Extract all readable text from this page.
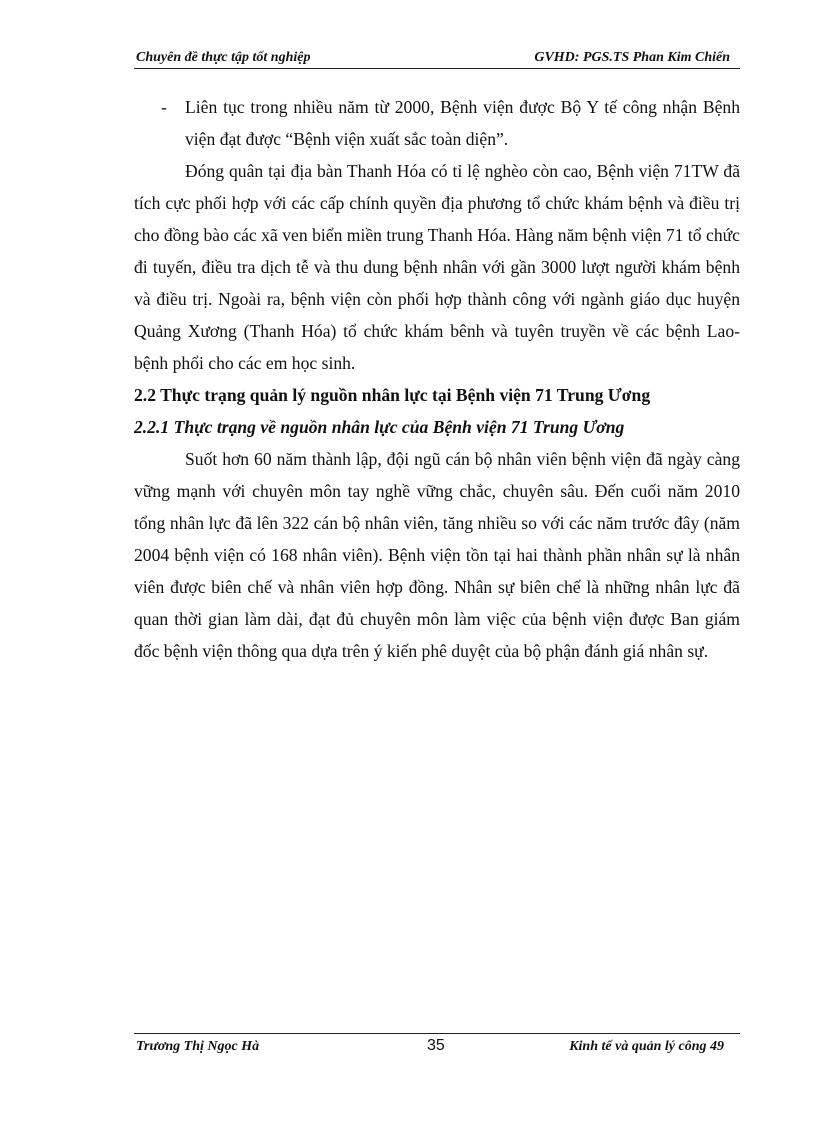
Chuyên đề thực tập tốt nghiệp	GVHD: PGS.TS Phan Kim Chiến

- Liên tục trong nhiều năm từ 2000, Bệnh viện được Bộ Y tế công nhận Bệnh viện đạt được “Bệnh viện xuất sắc toàn diện”.

Đóng quân tại địa bàn Thanh Hóa có tỉ lệ nghèo còn cao, Bệnh viện 71TW đã tích cực phối hợp với các cấp chính quyền địa phương tổ chức khám bệnh và điều trị cho đồng bào các xã ven biển miền trung Thanh Hóa. Hàng năm bệnh viện 71 tổ chức đi tuyến, điều tra dịch tễ và thu dung bệnh nhân với gần 3000 lượt người khám bệnh và điều trị. Ngoài ra, bệnh viện còn phối hợp thành công với ngành giáo dục huyện Quảng Xương (Thanh Hóa) tổ chức khám bênh và tuyên truyền về các bệnh Lao-bệnh phổi cho các em học sinh.

2.2 Thực trạng quản lý nguồn nhân lực tại Bệnh viện 71 Trung Ương

2.2.1 Thực trạng về nguồn nhân lực của Bệnh viện 71 Trung Ương

Suốt hơn 60 năm thành lập, đội ngũ cán bộ nhân viên bệnh viện đã ngày càng vững mạnh với chuyên môn tay nghề vững chắc, chuyên sâu. Đến cuối năm 2010 tổng nhân lực đã lên 322 cán bộ nhân viên, tăng nhiều so với các năm trước đây (năm 2004 bệnh viện có 168 nhân viên). Bệnh viện tồn tại hai thành phần nhân sự là nhân viên được biên chế và nhân viên hợp đồng. Nhân sự biên chế là những nhân lực đã quan thời gian làm dài, đạt đủ chuyên môn làm việc của bệnh viện được Ban giám đốc bệnh viện thông qua dựa trên ý kiến phê duyệt của bộ phận đánh giá nhân sự.

Trương Thị Ngọc Hà	35	Kinh tế và quản lý công 49
